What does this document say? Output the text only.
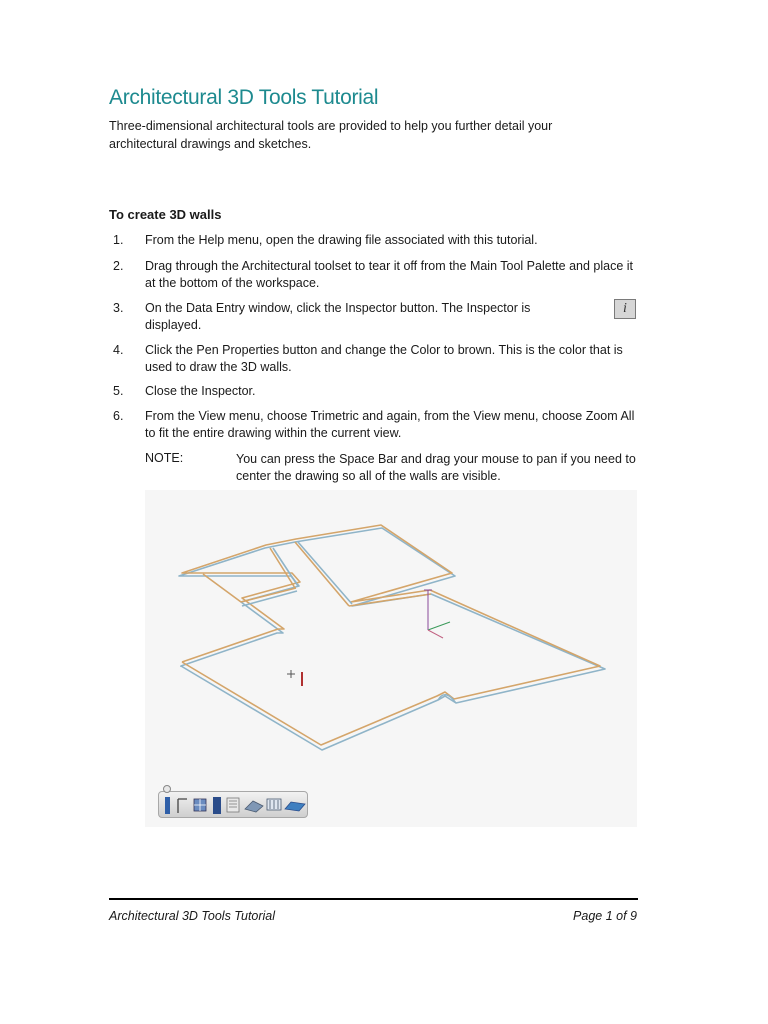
Architectural 3D Tools Tutorial

Three-dimensional architectural tools are provided to help you further detail your architectural drawings and sketches.

To create 3D walls
1. From the Help menu, open the drawing file associated with this tutorial.
2. Drag through the Architectural toolset to tear it off from the Main Tool Palette and place it at the bottom of the workspace.
3. On the Data Entry window, click the Inspector button. The Inspector is displayed.
i
4. Click the Pen Properties button and change the Color to brown. This is the color that is used to draw the 3D walls.
5. Close the Inspector.
6. From the View menu, choose Trimetric and again, from the View menu, choose Zoom All to fit the entire drawing within the current view.
NOTE:	You can press the Space Bar and drag your mouse to pan if you need to center the drawing so all of the walls are visible.
Architectural 3D Tools Tutorial	Page 1 of 9
